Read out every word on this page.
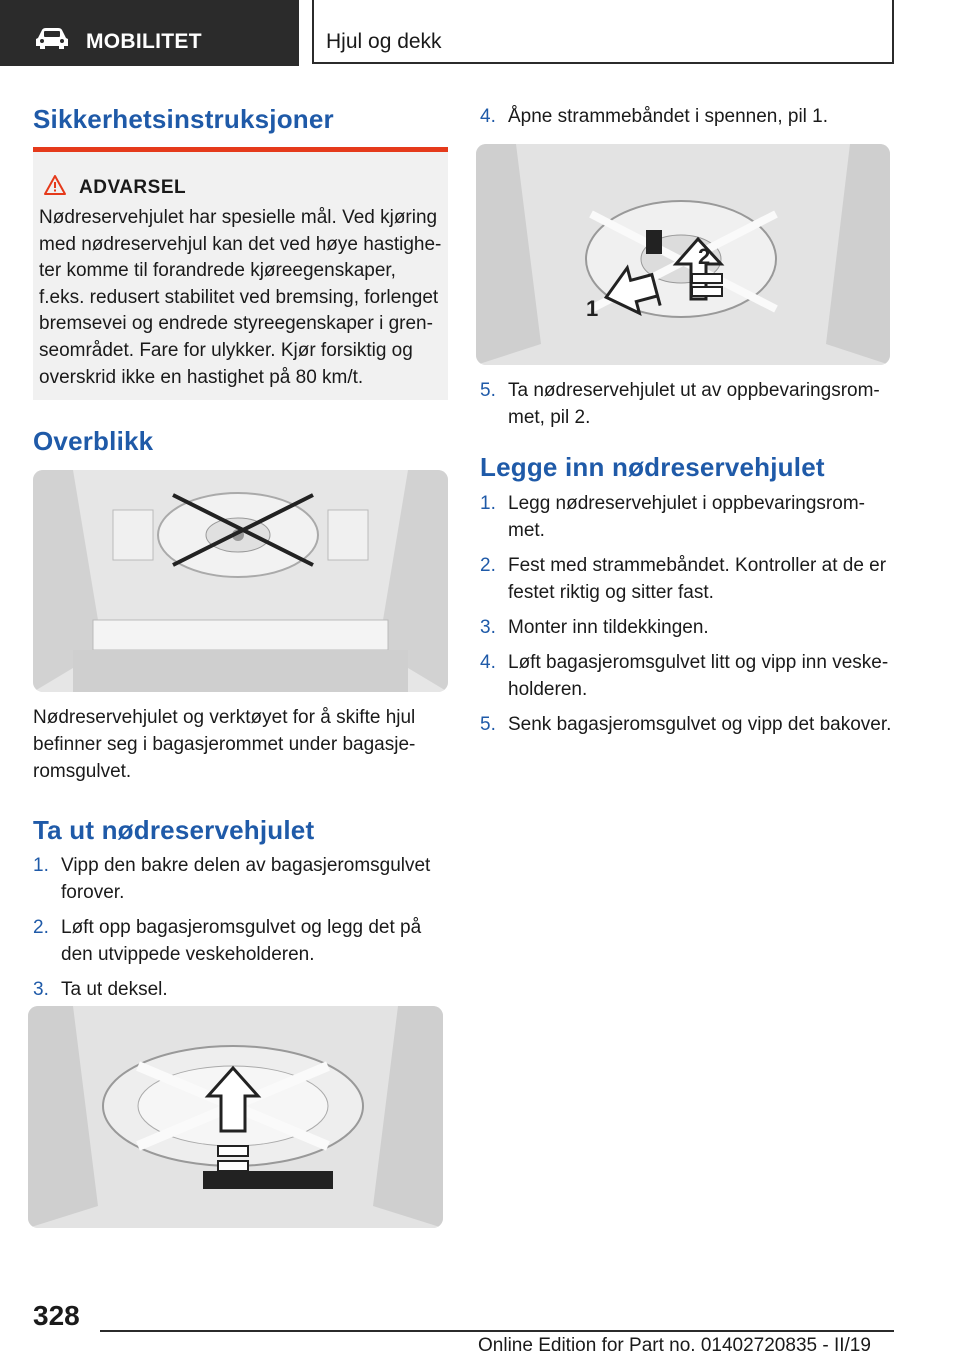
MOBILITET	Hjul og dekk
Sikkerhetsinstruksjoner
ADVARSEL
Nødreservehjulet har spesielle mål. Ved kjøring med nødreservehjul kan det ved høye hastighe-ter komme til forandrede kjøreegenskaper, f.eks. redusert stabilitet ved bremsing, forlenget bremsevei og endrede styreegenskaper i gren-seområdet. Fare for ulykker. Kjør forsiktig og overskrid ikke en hastighet på 80 km/t.
Overblikk

Nødreservehjulet og verktøyet for å skifte hjul befinner seg i bagasjerommet under bagasje-romsgulvet.

Ta ut nødreservehjulet
1. Vipp den bakre delen av bagasjeromsgulvet forover.
2. Løft opp bagasjeromsgulvet og legg det på den utvippede veskeholderen.
3. Ta ut deksel.
4. Åpne strammebåndet i spennen, pil 1.
1
2
5. Ta nødreservehjulet ut av oppbevaringsrom-met, pil 2.
Legge inn nødreservehjulet
1. Legg nødreservehjulet i oppbevaringsrom-met.
2. Fest med strammebåndet. Kontroller at de er festet riktig og sitter fast.
3. Monter inn tildekkingen.
4. Løft bagasjeromsgulvet litt og vipp inn veske-holderen.
5. Senk bagasjeromsgulvet og vipp det bakover.
328
Online Edition for Part no. 01402720835 - II/19
